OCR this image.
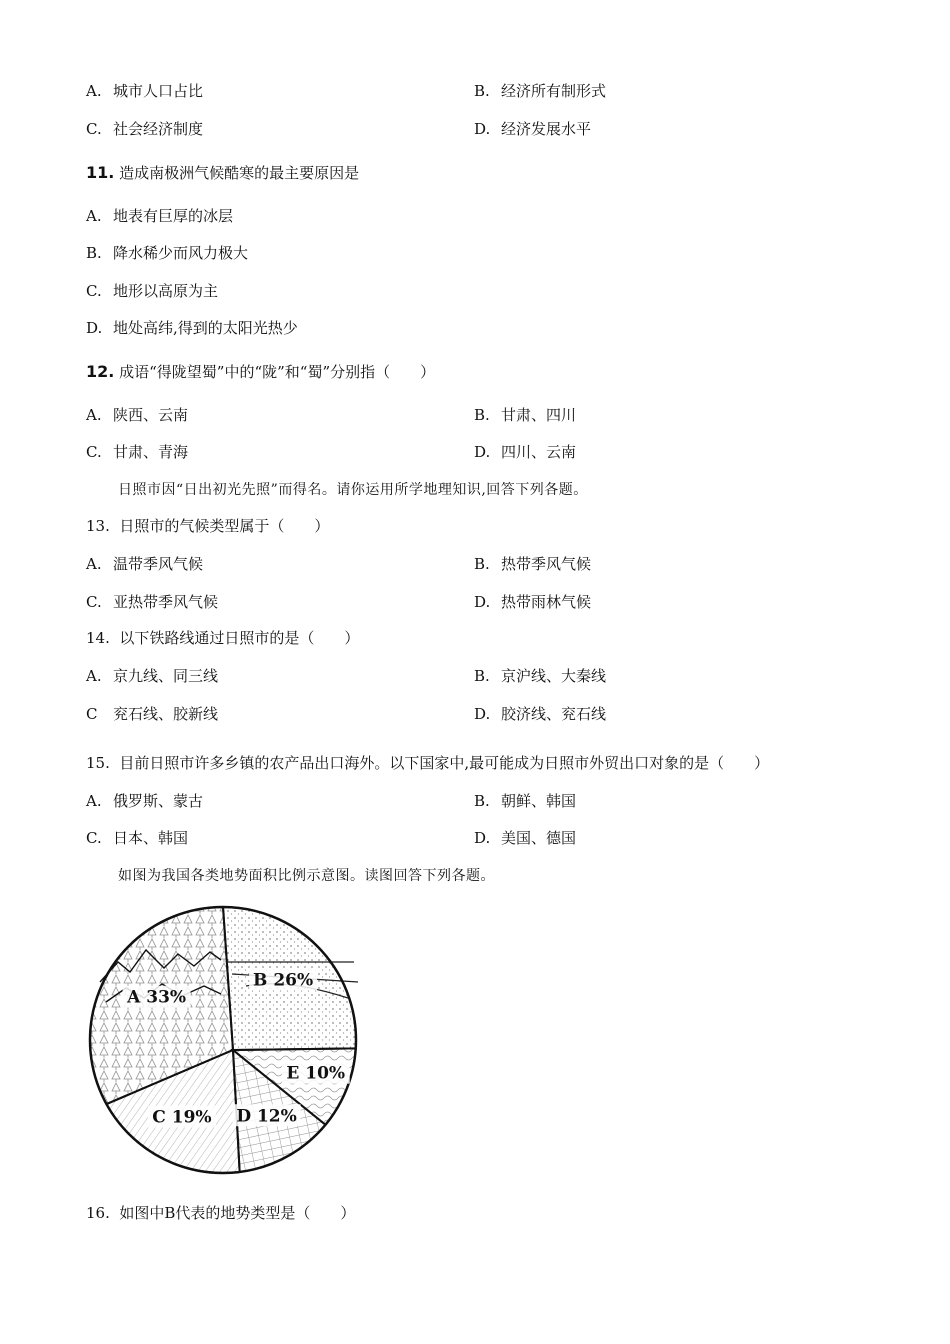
A. 城市人口占比	B. 经济所有制形式
C. 社会经济制度	D. 经济发展水平
11. 造成南极洲气候酷寒的最主要原因是
A. 地表有巨厚的冰层
B. 降水稀少而风力极大
C. 地形以高原为主
D. 地处高纬,得到的太阳光热少
12. 成语“得陇望蜀”中的“陇”和“蜀”分别指（　　）
A. 陕西、云南	B. 甘肃、四川
C. 甘肃、青海	D. 四川、云南
日照市因“日出初光先照”而得名。请你运用所学地理知识,回答下列各题。
13. 日照市的气候类型属于（　　）
A. 温带季风气候	B. 热带季风气候
C. 亚热带季风气候	D. 热带雨林气候
14. 以下铁路线通过日照市的是（　　）
A. 京九线、同三线	B. 京沪线、大秦线
C 兖石线、胶新线	D. 胶济线、兖石线
15. 目前日照市许多乡镇的农产品出口海外。以下国家中,最可能成为日照市外贸出口对象的是（　　）
A. 俄罗斯、蒙古	B. 朝鲜、韩国
C. 日本、韩国	D. 美国、德国
如图为我国各类地势面积比例示意图。读图回答下列各题。
A 33%
B 26%
E 10%
D 12%
C 19%
16. 如图中B代表的地势类型是（　　）
